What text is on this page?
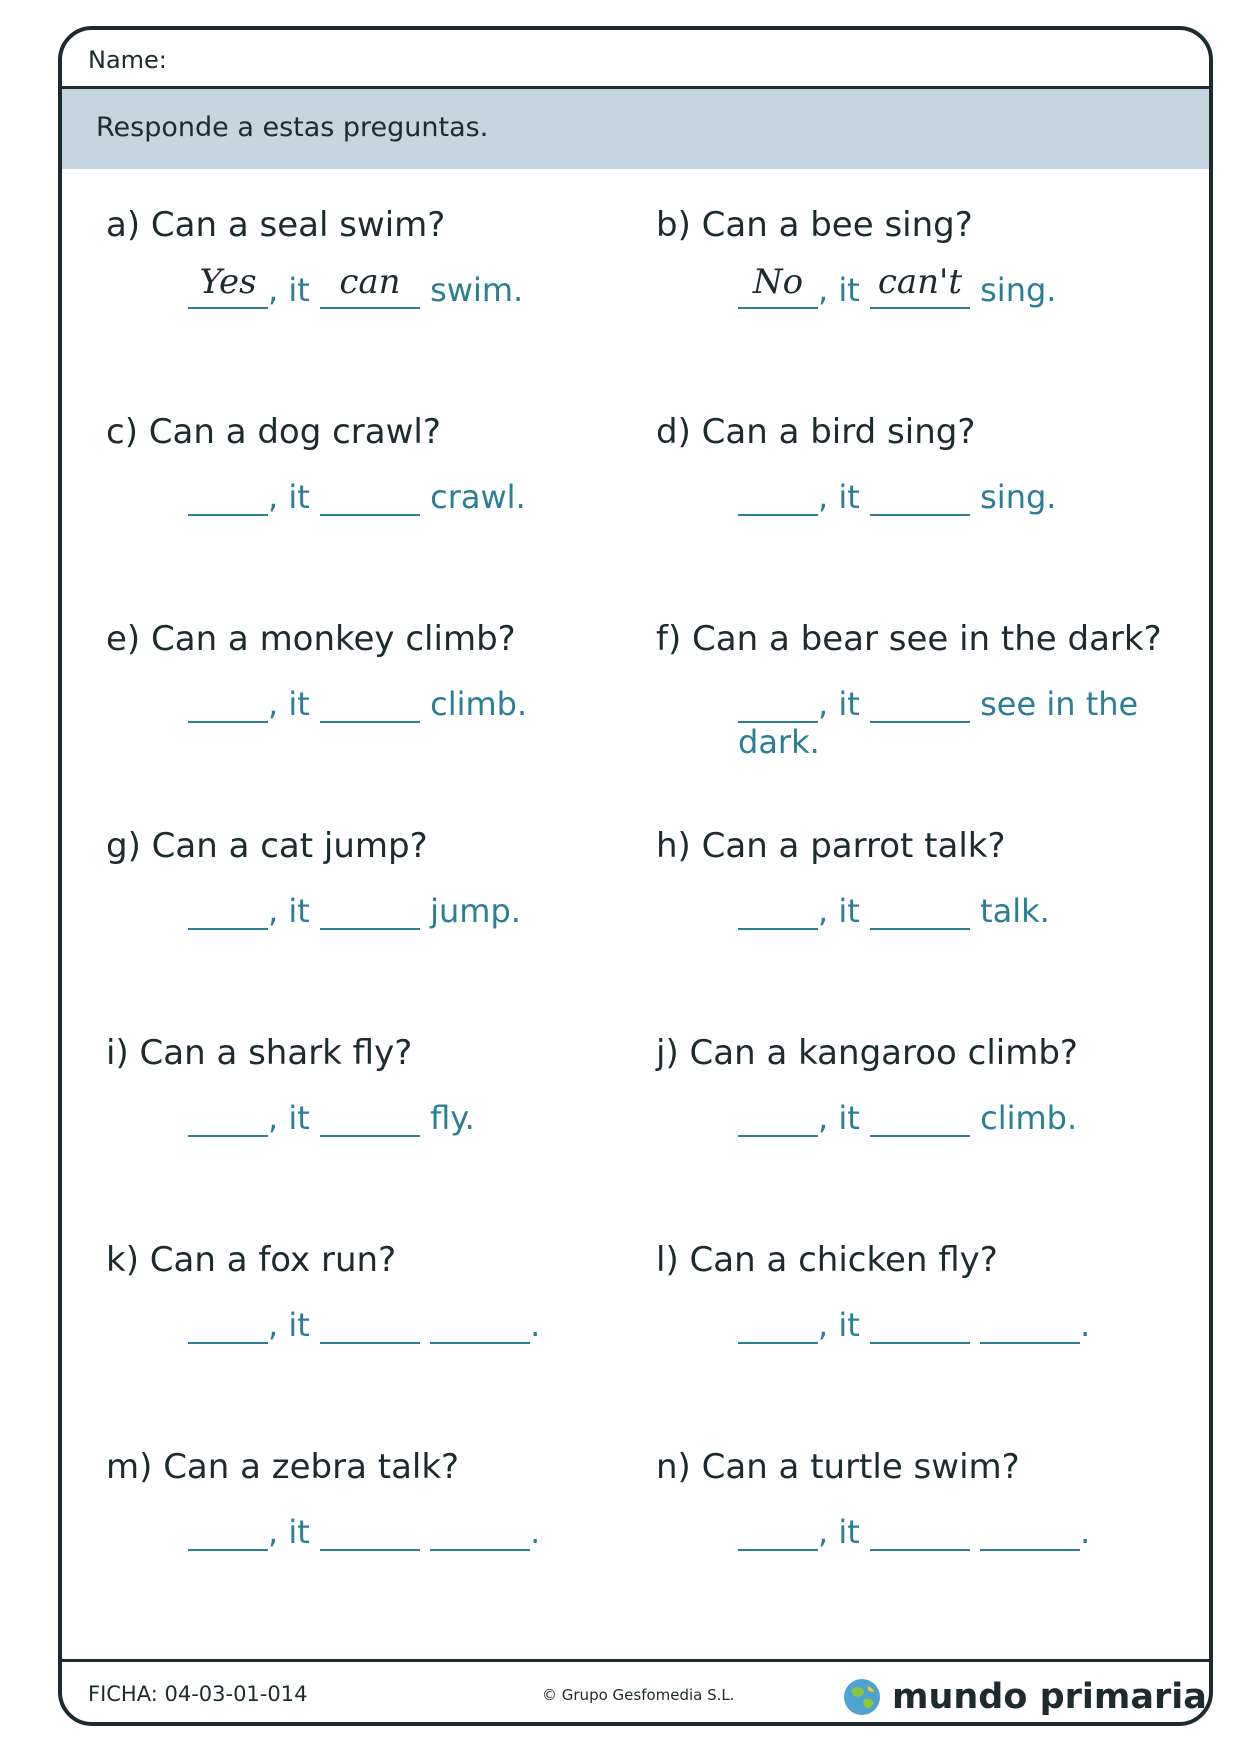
Name:
Responde a estas preguntas.
a) Can a seal swim?
Yes , it can swim.
b) Can a bee sing?
No , it can't sing.
c) Can a dog crawl?
, it	crawl.
d) Can a bird sing?
, it	sing.
e) Can a monkey climb?
, it	climb.
f) Can a bear see in the dark?
, it	see in the dark.
g) Can a cat jump?
, it	jump.
h) Can a parrot talk?
, it	talk.
i) Can a shark fly?
, it	fly.
j) Can a kangaroo climb?
, it	climb.
k) Can a fox run?
, it	.
l) Can a chicken fly?
, it	.
m) Can a zebra talk?
, it	.
n) Can a turtle swim?
, it	.
FICHA: 04-03-01-014	© Grupo Gesfomedia S.L.	mundo primaria
